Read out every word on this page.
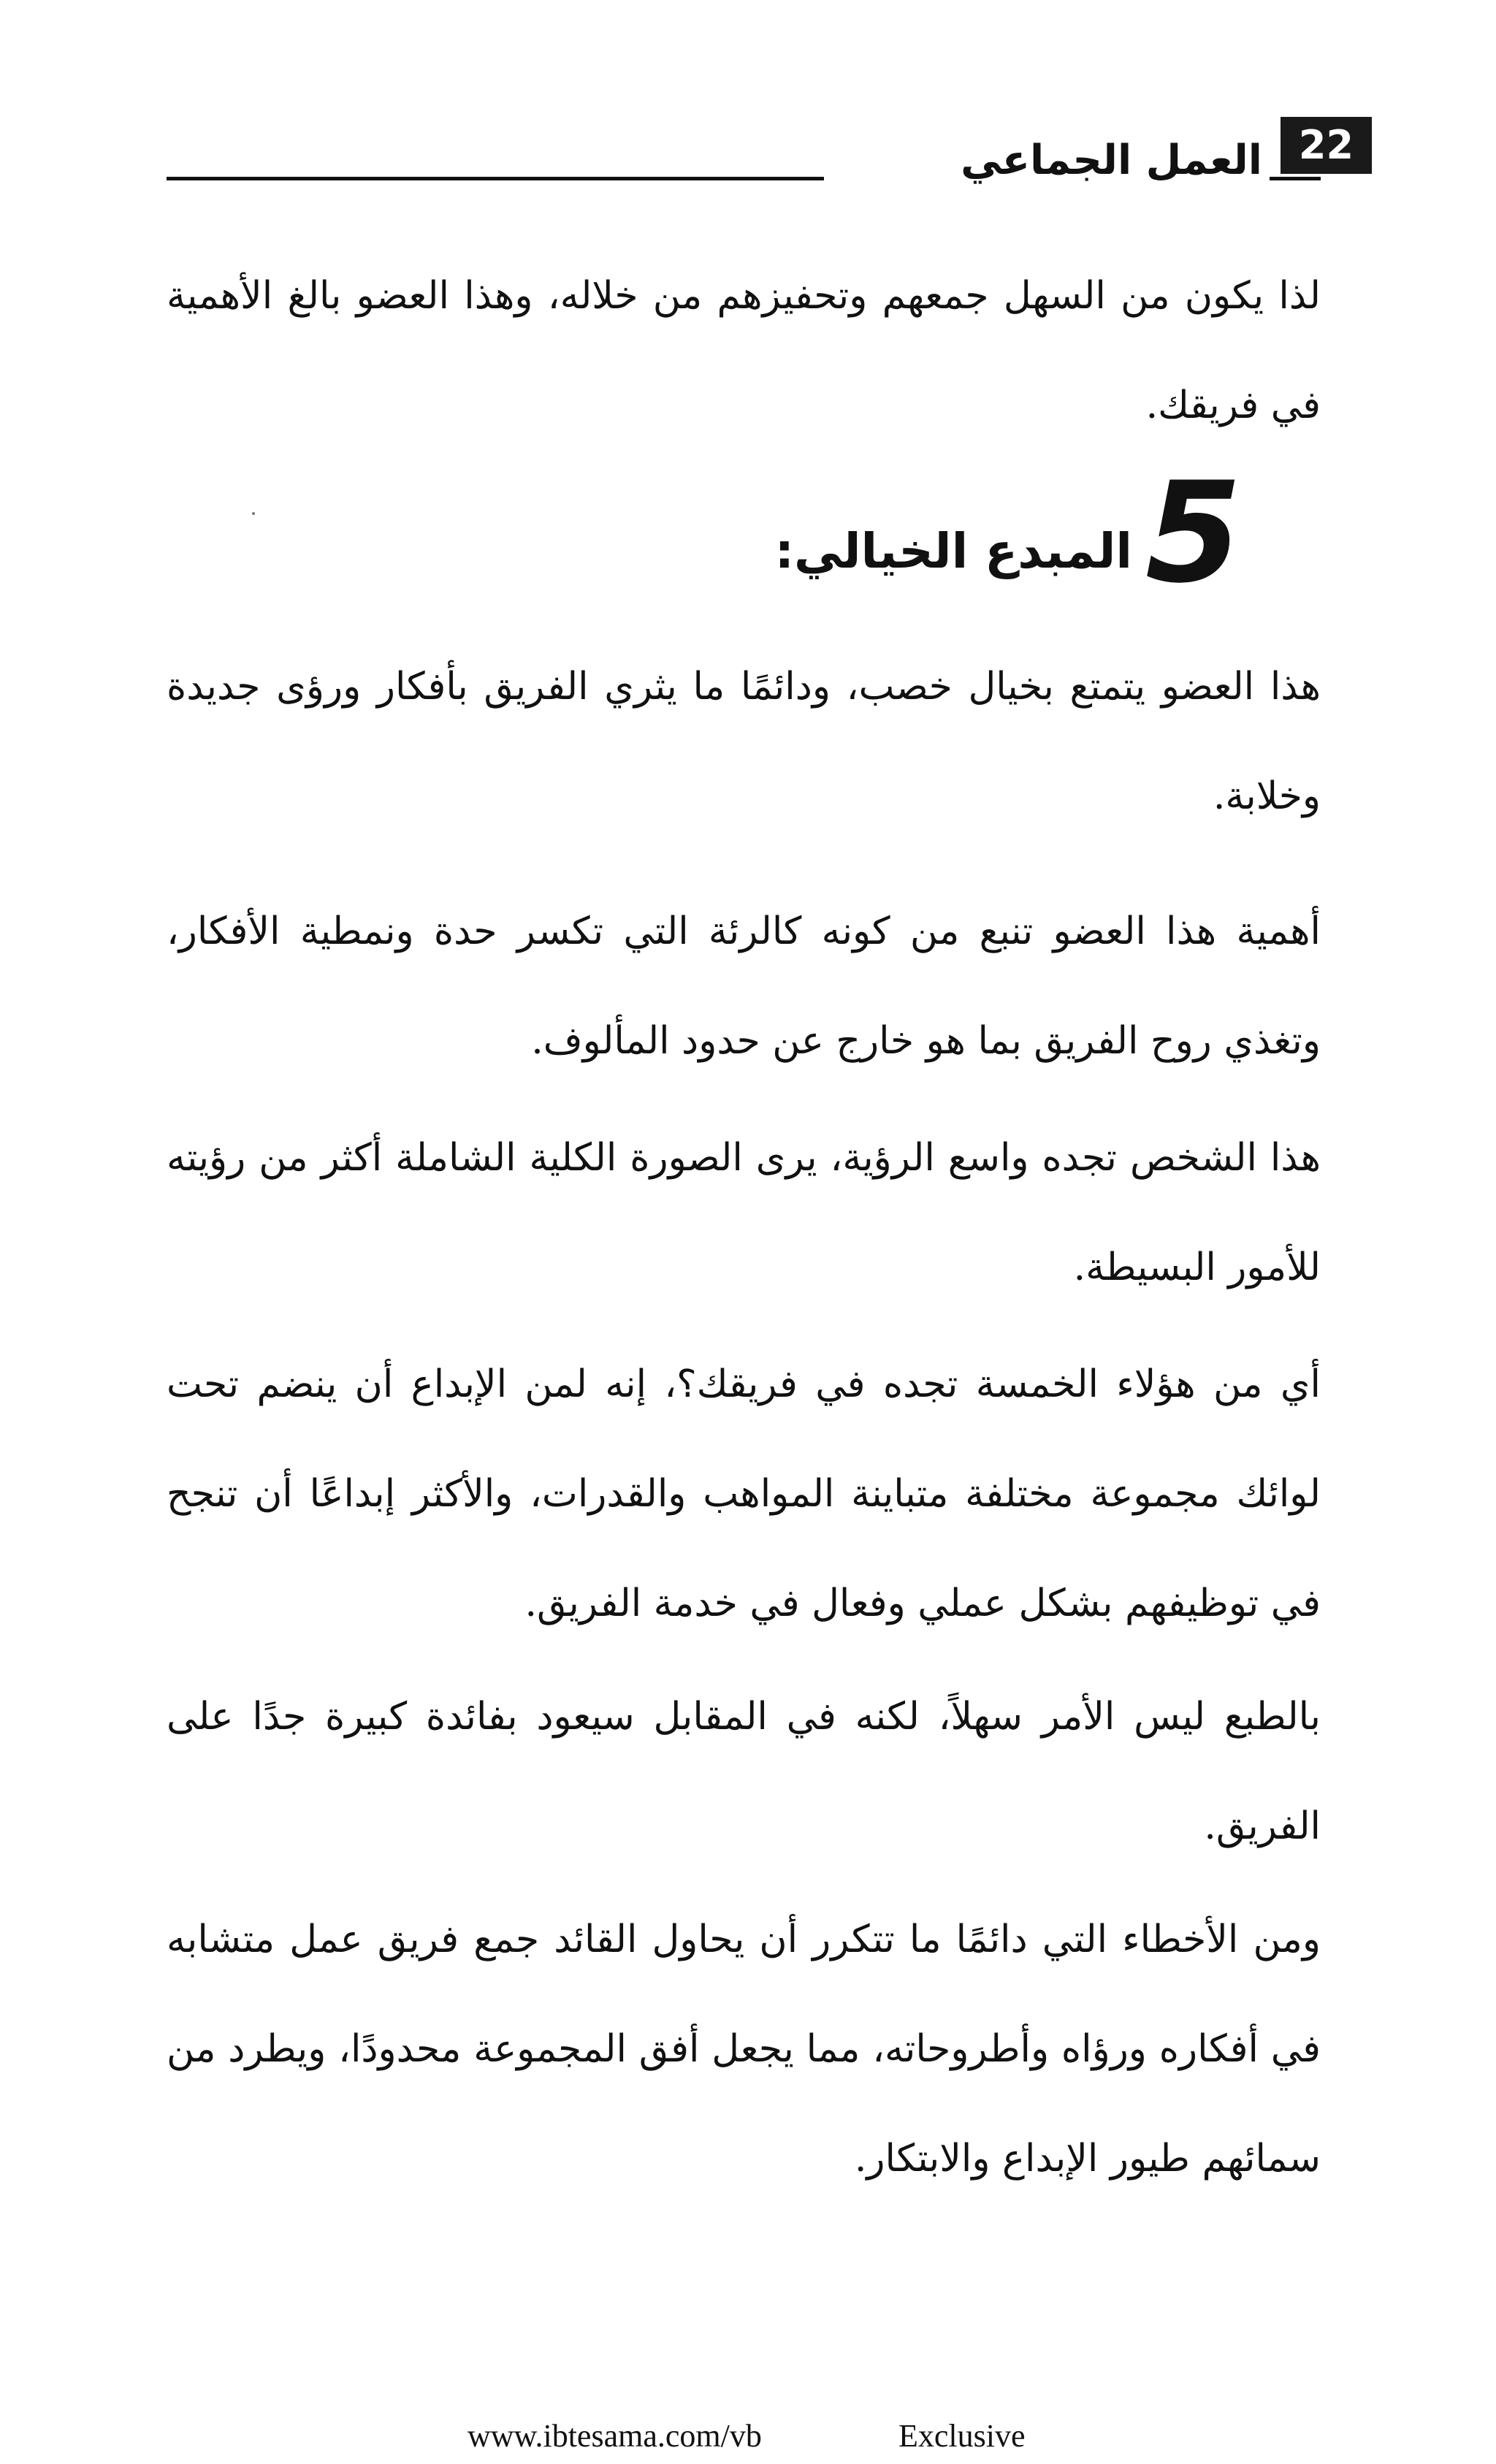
العمل الجماعي 22
لذا يكون من السهل جمعهم وتحفيزهم من خلاله، وهذا العضو بالغ الأهمية في فريقك.
5
المبدع الخيالي:
هذا العضو يتمتع بخيال خصب، ودائمًا ما يثري الفريق بأفكار ورؤى جديدة وخلابة.
أهمية هذا العضو تنبع من كونه كالرئة التي تكسر حدة ونمطية الأفكار، وتغذي روح الفريق بما هو خارج عن حدود المألوف.
هذا الشخص تجده واسع الرؤية، يرى الصورة الكلية الشاملة أكثر من رؤيته للأمور البسيطة.
أي من هؤلاء الخمسة تجده في فريقك؟، إنه لمن الإبداع أن ينضم تحت لوائك مجموعة مختلفة متباينة المواهب والقدرات، والأكثر إبداعًا أن تنجح في توظيفهم بشكل عملي وفعال في خدمة الفريق.
بالطبع ليس الأمر سهلاً، لكنه في المقابل سيعود بفائدة كبيرة جدًا على الفريق.
ومن الأخطاء التي دائمًا ما تتكرر أن يحاول القائد جمع فريق عمل متشابه في أفكاره ورؤاه وأطروحاته، مما يجعل أفق المجموعة محدودًا، ويطرد من سمائهم طيور الإبداع والابتكار.
www.ibtesama.com/vb	Exclusive
